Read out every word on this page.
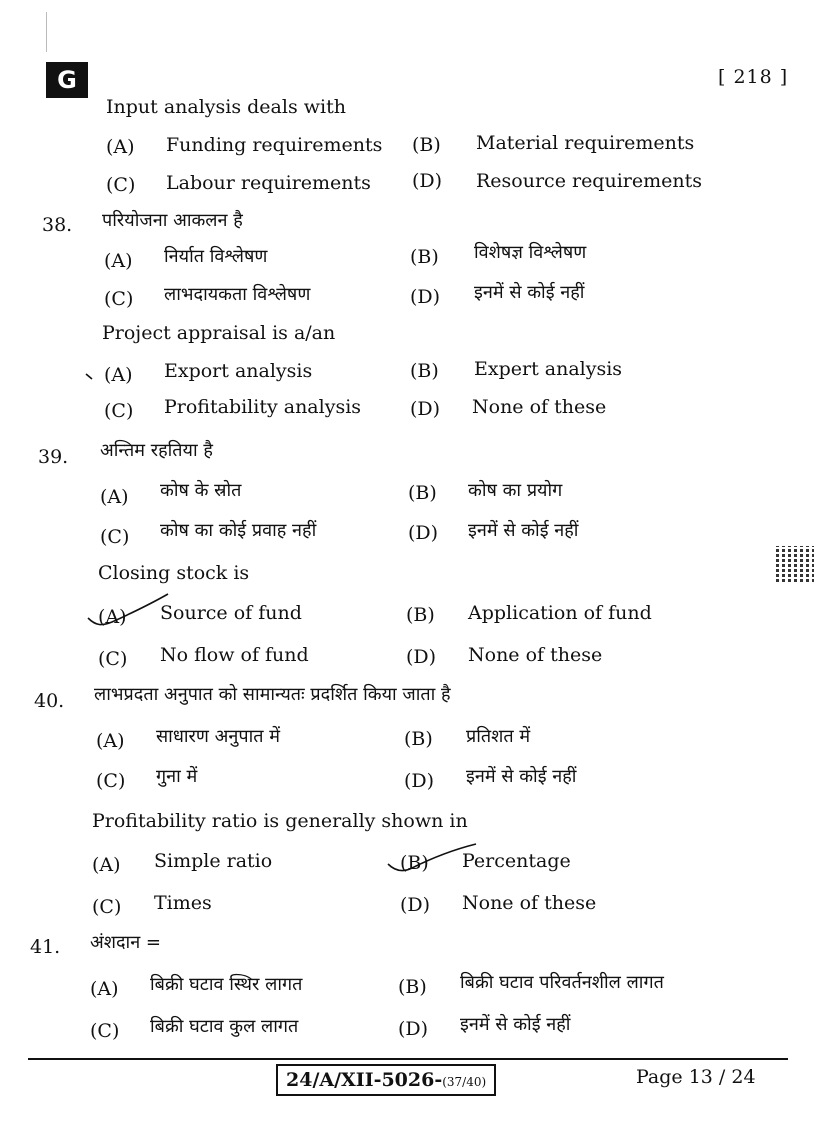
G	[ 218 ]
Input analysis deals with
(A) Funding requirements (B) Material requirements
(C) Labour requirements (D) Resource requirements
38. परियोजना आकलन है
(A) निर्यात विश्लेषण	(B) विशेषज्ञ विश्लेषण
(C) लाभदायकता विश्लेषण	(D) इनमें से कोई नहीं
Project appraisal is a/an
(A) Export analysis	(B) Expert analysis
(C) Profitability analysis	(D) None of these
39. अन्तिम रहतिया है
(A) कोष के स्रोत	(B) कोष का प्रयोग
(C) कोष का कोई प्रवाह नहीं	(D) इनमें से कोई नहीं
Closing stock is
(A) Source of fund	(B) Application of fund
(C) No flow of fund	(D) None of these
40. लाभप्रदता अनुपात को सामान्यतः प्रदर्शित किया जाता है
(A) साधारण अनुपात में	(B) प्रतिशत में
(C) गुना में	(D) इनमें से कोई नहीं
Profitability ratio is generally shown in
(A) Simple ratio	(B) Percentage
(C) Times	(D) None of these
41. अंशदान =
(A) बिक्री घटाव स्थिर लागत	(B) बिक्री घटाव परिवर्तनशील लागत
(C) बिक्री घटाव कुल लागत	(D) इनमें से कोई नहीं
24/A/XII-5026-(37/40)	Page 13 / 24
